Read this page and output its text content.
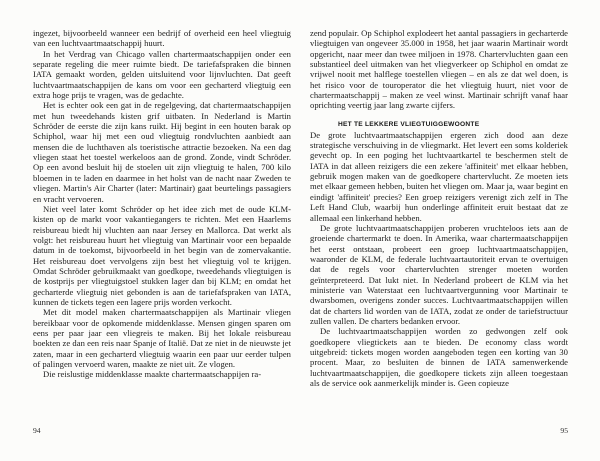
ingezet, bijvoorbeeld wanneer een bedrijf of overheid een heel vliegtuig van een luchtvaartmaatschappij huurt.

In het Verdrag van Chicago vallen chartermaatschappijen onder een separate regeling die meer ruimte biedt. De tariefafspraken die binnen IATA gemaakt worden, gelden uitsluitend voor lijnvluchten. Dat geeft luchtvaartmaatschappijen de kans om voor een gecharterd vliegtuig een extra hoge prijs te vragen, was de gedachte.

Het is echter ook een gat in de regelgeving, dat chartermaatschappijen met hun tweedehands kisten grif uitbaten. In Nederland is Martin Schröder de eerste die zijn kans ruikt. Hij begint in een houten barak op Schiphol, waar hij met een oud vliegtuig rondvluchten aanbiedt aan mensen die de luchthaven als toeristische attractie bezoeken. Na een dag vliegen staat het toestel werkeloos aan de grond. Zonde, vindt Schröder. Op een avond besluit hij de stoelen uit zijn vliegtuig te halen, 700 kilo bloemen in te laden en daarmee in het holst van de nacht naar Zweden te vliegen. Martin's Air Charter (later: Martinair) gaat beurtelings passagiers en vracht vervoeren.

Niet veel later komt Schröder op het idee zich met de oude KLM-kisten op de markt voor vakantiegangers te richten. Met een Haarlems reisbureau biedt hij vluchten aan naar Jersey en Mallorca. Dat werkt als volgt: het reisbureau huurt het vliegtuig van Martinair voor een bepaalde datum in de toekomst, bijvoorbeeld in het begin van de zomervakantie. Het reisbureau doet vervolgens zijn best het vliegtuig vol te krijgen. Omdat Schröder gebruikmaakt van goedkope, tweedehands vliegtuigen is de kostprijs per vliegtuigstoel stukken lager dan bij KLM; en omdat het gecharterde vliegtuig niet gebonden is aan de tariefafspraken van IATA, kunnen de tickets tegen een lagere prijs worden verkocht.

Met dit model maken chartermaatschappijen als Martinair vliegen bereikbaar voor de opkomende middenklasse. Mensen gingen sparen om eens per paar jaar een vliegreis te maken. Bij het lokale reisbureau boekten ze dan een reis naar Spanje of Italië. Dat ze niet in de nieuwste jet zaten, maar in een gecharterd vliegtuig waarin een paar uur eerder tulpen of palingen vervoerd waren, maakte ze niet uit. Ze vlogen.

Die reislustige middenklasse maakte chartermaatschappijen ra-

94

zend populair. Op Schiphol explodeert het aantal passagiers in gecharterde vliegtuigen van ongeveer 35.000 in 1958, het jaar waarin Martinair wordt opgericht, naar meer dan twee miljoen in 1978. Chartervluchten gaan een substantieel deel uitmaken van het vliegverkeer op Schiphol en omdat ze vrijwel nooit met halflege toestellen vliegen – en als ze dat wel doen, is het risico voor de touroperator die het vliegtuig huurt, niet voor de chartermaatschappij – maken ze veel winst. Martinair schrijft vanaf haar oprichting veertig jaar lang zwarte cijfers.

HET TE LEKKERE VLIEGTUIGGEWOONTE

De grote luchtvaartmaatschappijen ergeren zich dood aan deze strategische verschuiving in de vliegmarkt. Het levert een soms kolderiek gevecht op. In een poging het luchtvaartkartel te beschermen stelt de IATA in dat alleen reizigers die een zekere 'affiniteit' met elkaar hebben, gebruik mogen maken van de goedkopere chartervlucht. Ze moeten iets met elkaar gemeen hebben, buiten het vliegen om. Maar ja, waar begint en eindigt 'affiniteit' precies? Een groep reizigers verenigt zich zelf in The Left Hand Club, waarbij hun onderlinge affiniteit eruit bestaat dat ze allemaal een linkerhand hebben.

De grote luchtvaartmaatschappijen proberen vruchteloos iets aan de groeiende chartermarkt te doen. In Amerika, waar chartermaatschappijen het eerst ontstaan, probeert een groep luchtvaartmaatschappijen, waaronder de KLM, de federale luchtvaartautoriteit ervan te overtuigen dat de regels voor chartervluchten strenger moeten worden geïnterpreteerd. Dat lukt niet. In Nederland probeert de KLM via het ministerie van Waterstaat een luchtvaartvergunning voor Martinair te dwarsbomen, overigens zonder succes. Luchtvaartmaatschappijen willen dat de charters lid worden van de IATA, zodat ze onder de tariefstructuur zullen vallen. De charters bedanken ervoor.

De luchtvaartmaatschappijen worden zo gedwongen zelf ook goedkopere vliegtickets aan te bieden. De economy class wordt uitgebreid: tickets mogen worden aangeboden tegen een korting van 30 procent. Maar, zo besluiten de binnen de IATA samenwerkende luchtvaartmaatschappijen, die goedkopere tickets zijn alleen toegestaan als de service ook aanmerkelijk minder is. Geen copieuze

95
